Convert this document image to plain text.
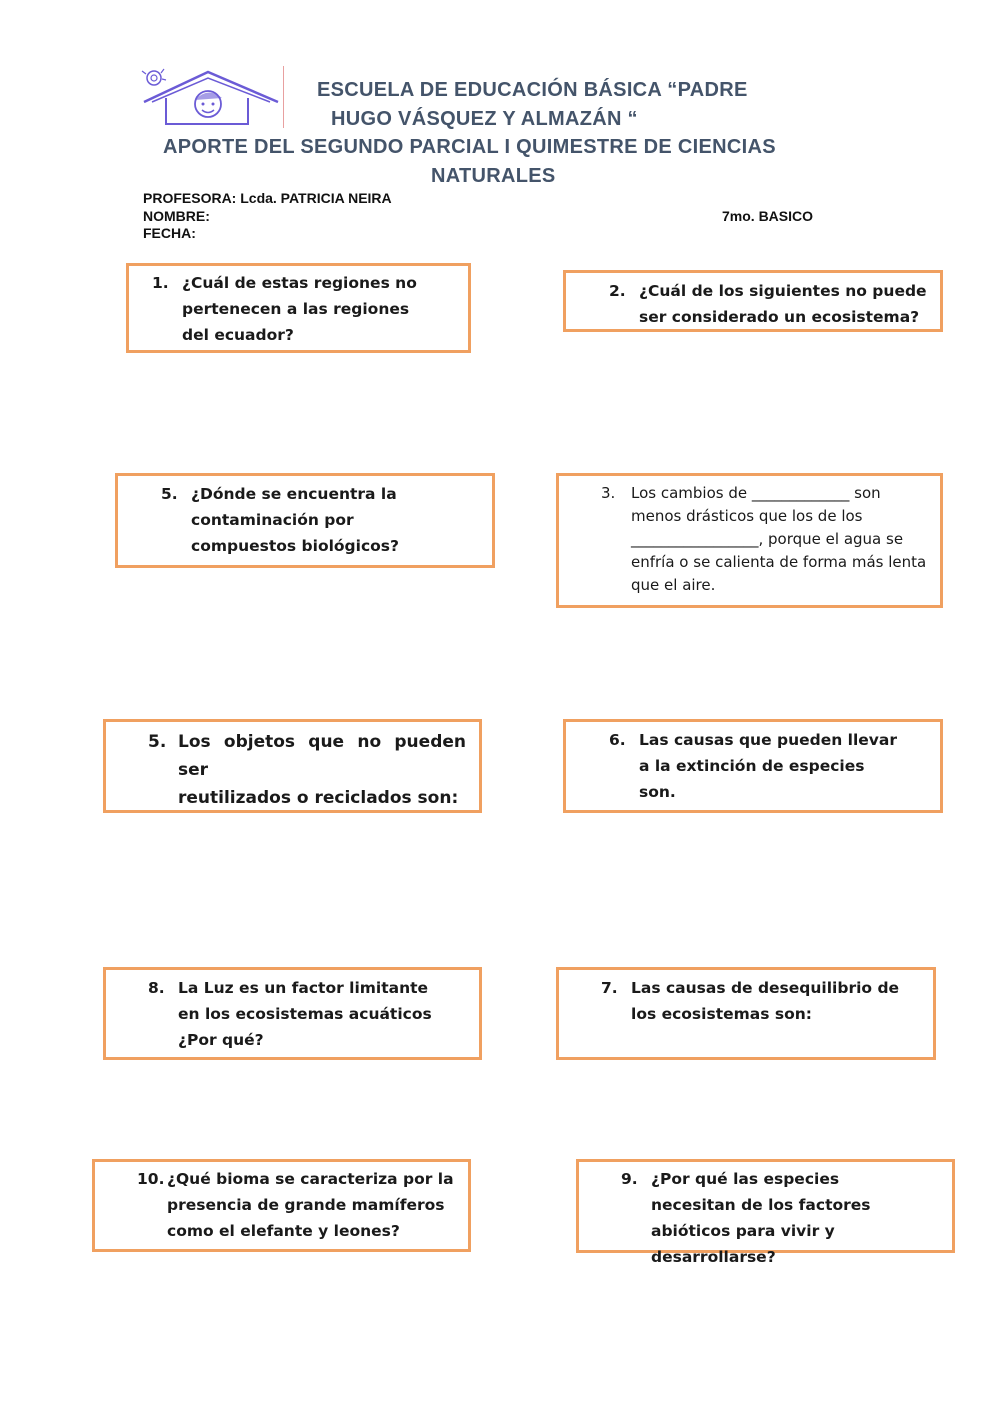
ESCUELA DE EDUCACIÓN BÁSICA “PADRE
HUGO VÁSQUEZ Y ALMAZÁN “
APORTE DEL SEGUNDO PARCIAL I QUIMESTRE DE CIENCIAS
NATURALES
PROFESORA: Lcda. PATRICIA NEIRA
NOMBRE:
FECHA:
7mo. BASICO
1. ¿Cuál de estas regiones no pertenecen a las regiones del ecuador?
2. ¿Cuál de los siguientes no puede ser considerado un ecosistema?
5. ¿Dónde se encuentra la contaminación por compuestos biológicos?
3.	Los cambios de _____________ son
menos drásticos que los de los
_________________, porque el agua se
enfría o se calienta de forma más lenta
que el aire.
5. Los objetos que no pueden ser
reutilizados o reciclados son:
6. Las causas que pueden llevar a la extinción de especies son.
8. La Luz es un factor limitante en los ecosistemas acuáticos ¿Por qué?
7. Las causas de desequilibrio de los ecosistemas son:
10. ¿Qué bioma se caracteriza por la presencia de grande mamíferos como el elefante y leones?
9. ¿Por qué las especies necesitan de los factores abióticos para vivir y desarrollarse?
